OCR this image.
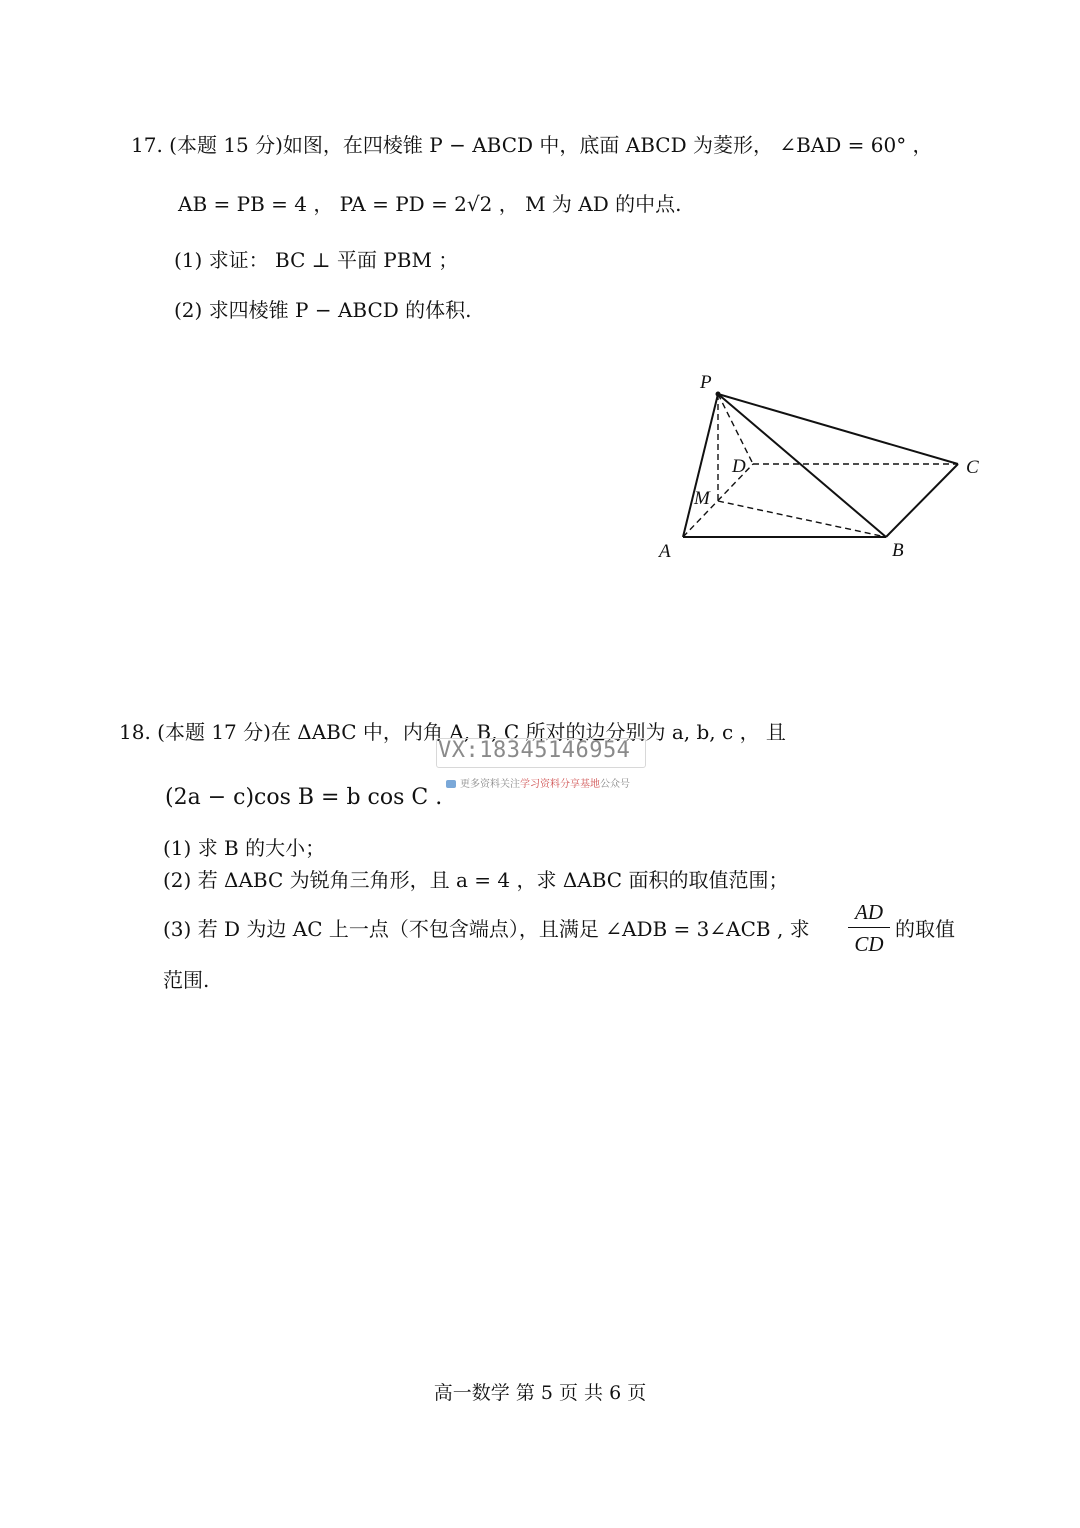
17. (本题 15 分)如图，在四棱锥 P − ABCD 中，底面 ABCD 为菱形， ∠BAD = 60° ，
AB = PB = 4 ， PA = PD = 2√2 ， M 为 AD 的中点.
(1) 求证： BC ⊥ 平面 PBM ；
(2) 求四棱锥 P − ABCD 的体积.
P
D	C
M
A	B
18. (本题 17 分)在 ΔABC 中，内角 A, B, C 所对的边分别为 a, b, c ， 且
VX:18345146954
更多资料关注学习资料分享基地公众号
(2a − c)cos B = b cos C .
(1) 求 B 的大小；
(2) 若 ΔABC 为锐角三角形，且 a = 4 ，求 ΔABC 面积的取值范围；
(3) 若 D 为边 AC 上一点（不包含端点），且满足 ∠ADB = 3∠ACB , 求
AD
CD
的取值
范围.
高一数学 第 5 页 共 6 页
